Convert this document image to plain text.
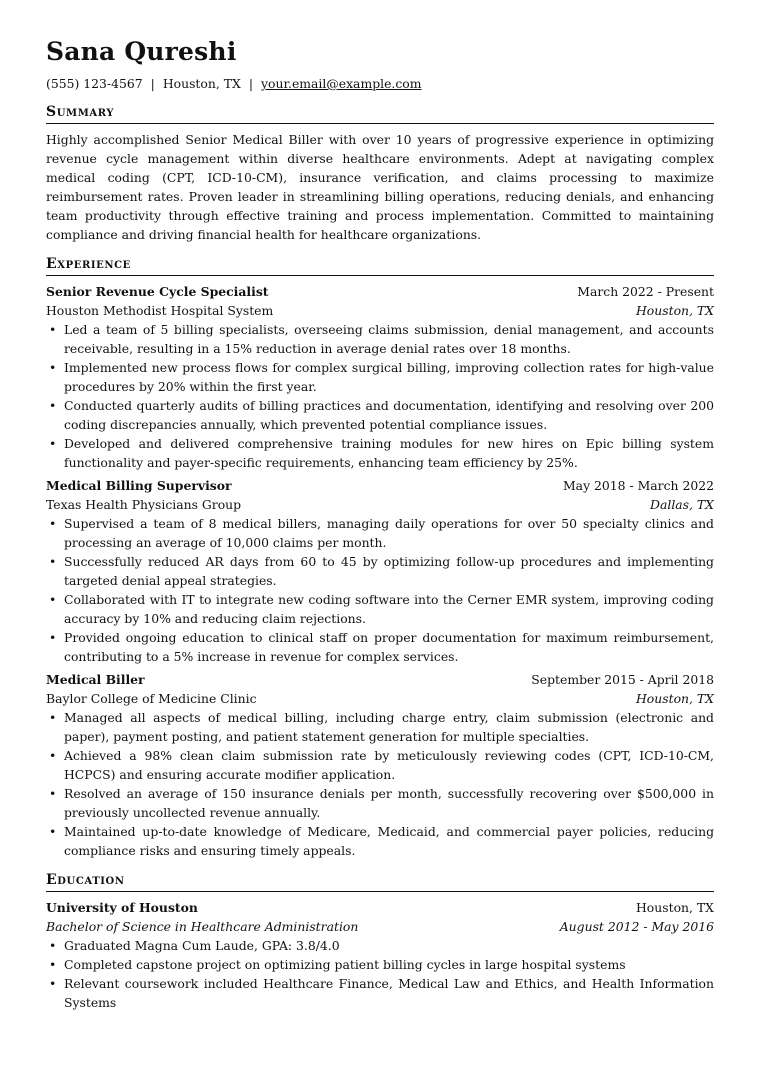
Sana Qureshi
(555) 123-4567 | Houston, TX | your.email@example.com
Summary
Highly accomplished Senior Medical Biller with over 10 years of progressive experience in optimizing revenue cycle management within diverse healthcare environments. Adept at navigating complex medical coding (CPT, ICD-10-CM), insurance verification, and claims processing to maximize reimbursement rates. Proven leader in streamlining billing operations, reducing denials, and enhancing team productivity through effective training and process implementation. Committed to maintaining compliance and driving financial health for healthcare organizations.
Experience
Senior Revenue Cycle Specialist	March 2022 - Present
Houston Methodist Hospital System	Houston, TX
• Led a team of 5 billing specialists, overseeing claims submission, denial management, and accounts receivable, resulting in a 15% reduction in average denial rates over 18 months.
• Implemented new process flows for complex surgical billing, improving collection rates for high-value procedures by 20% within the first year.
• Conducted quarterly audits of billing practices and documentation, identifying and resolving over 200 coding discrepancies annually, which prevented potential compliance issues.
• Developed and delivered comprehensive training modules for new hires on Epic billing system functionality and payer-specific requirements, enhancing team efficiency by 25%.
Medical Billing Supervisor	May 2018 - March 2022
Texas Health Physicians Group	Dallas, TX
• Supervised a team of 8 medical billers, managing daily operations for over 50 specialty clinics and processing an average of 10,000 claims per month.
• Successfully reduced AR days from 60 to 45 by optimizing follow-up procedures and implementing targeted denial appeal strategies.
• Collaborated with IT to integrate new coding software into the Cerner EMR system, improving coding accuracy by 10% and reducing claim rejections.
• Provided ongoing education to clinical staff on proper documentation for maximum reimbursement, contributing to a 5% increase in revenue for complex services.
Medical Biller	September 2015 - April 2018
Baylor College of Medicine Clinic	Houston, TX
• Managed all aspects of medical billing, including charge entry, claim submission (electronic and paper), payment posting, and patient statement generation for multiple specialties.
• Achieved a 98% clean claim submission rate by meticulously reviewing codes (CPT, ICD-10-CM, HCPCS) and ensuring accurate modifier application.
• Resolved an average of 150 insurance denials per month, successfully recovering over $500,000 in previously uncollected revenue annually.
• Maintained up-to-date knowledge of Medicare, Medicaid, and commercial payer policies, reducing compliance risks and ensuring timely appeals.
Education
University of Houston	Houston, TX
Bachelor of Science in Healthcare Administration	August 2012 - May 2016
• Graduated Magna Cum Laude, GPA: 3.8/4.0
• Completed capstone project on optimizing patient billing cycles in large hospital systems
• Relevant coursework included Healthcare Finance, Medical Law and Ethics, and Health Information Systems
